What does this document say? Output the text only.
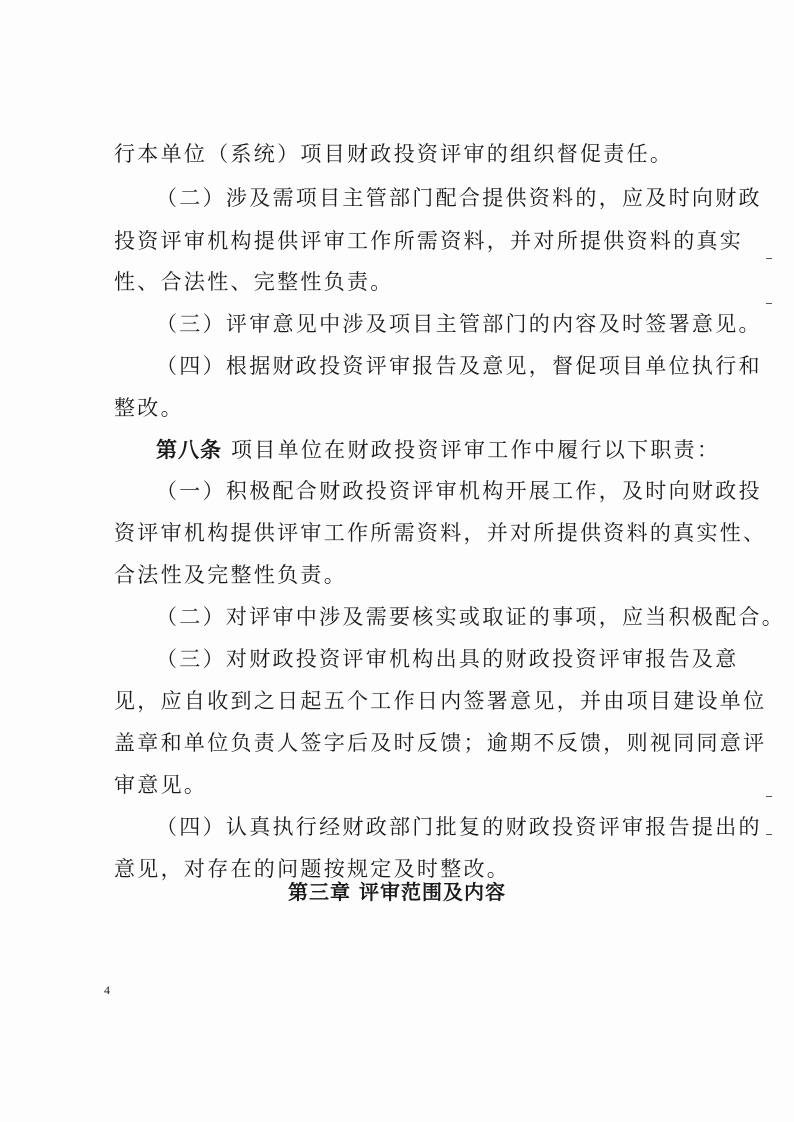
行本单位（系统）项目财政投资评审的组织督促责任。
（二）涉及需项目主管部门配合提供资料的，应及时向财政
投资评审机构提供评审工作所需资料，并对所提供资料的真实
性、合法性、完整性负责。
（三）评审意见中涉及项目主管部门的内容及时签署意见。
（四）根据财政投资评审报告及意见，督促项目单位执行和
整改。
第八条 项目单位在财政投资评审工作中履行以下职责：
（一）积极配合财政投资评审机构开展工作，及时向财政投
资评审机构提供评审工作所需资料，并对所提供资料的真实性、
合法性及完整性负责。
（二）对评审中涉及需要核实或取证的事项，应当积极配合。
（三）对财政投资评审机构出具的财政投资评审报告及意
见，应自收到之日起五个工作日内签署意见，并由项目建设单位
盖章和单位负责人签字后及时反馈；逾期不反馈，则视同同意评
审意见。
（四）认真执行经财政部门批复的财政投资评审报告提出的
意见，对存在的问题按规定及时整改。
第三章 评审范围及内容
4
